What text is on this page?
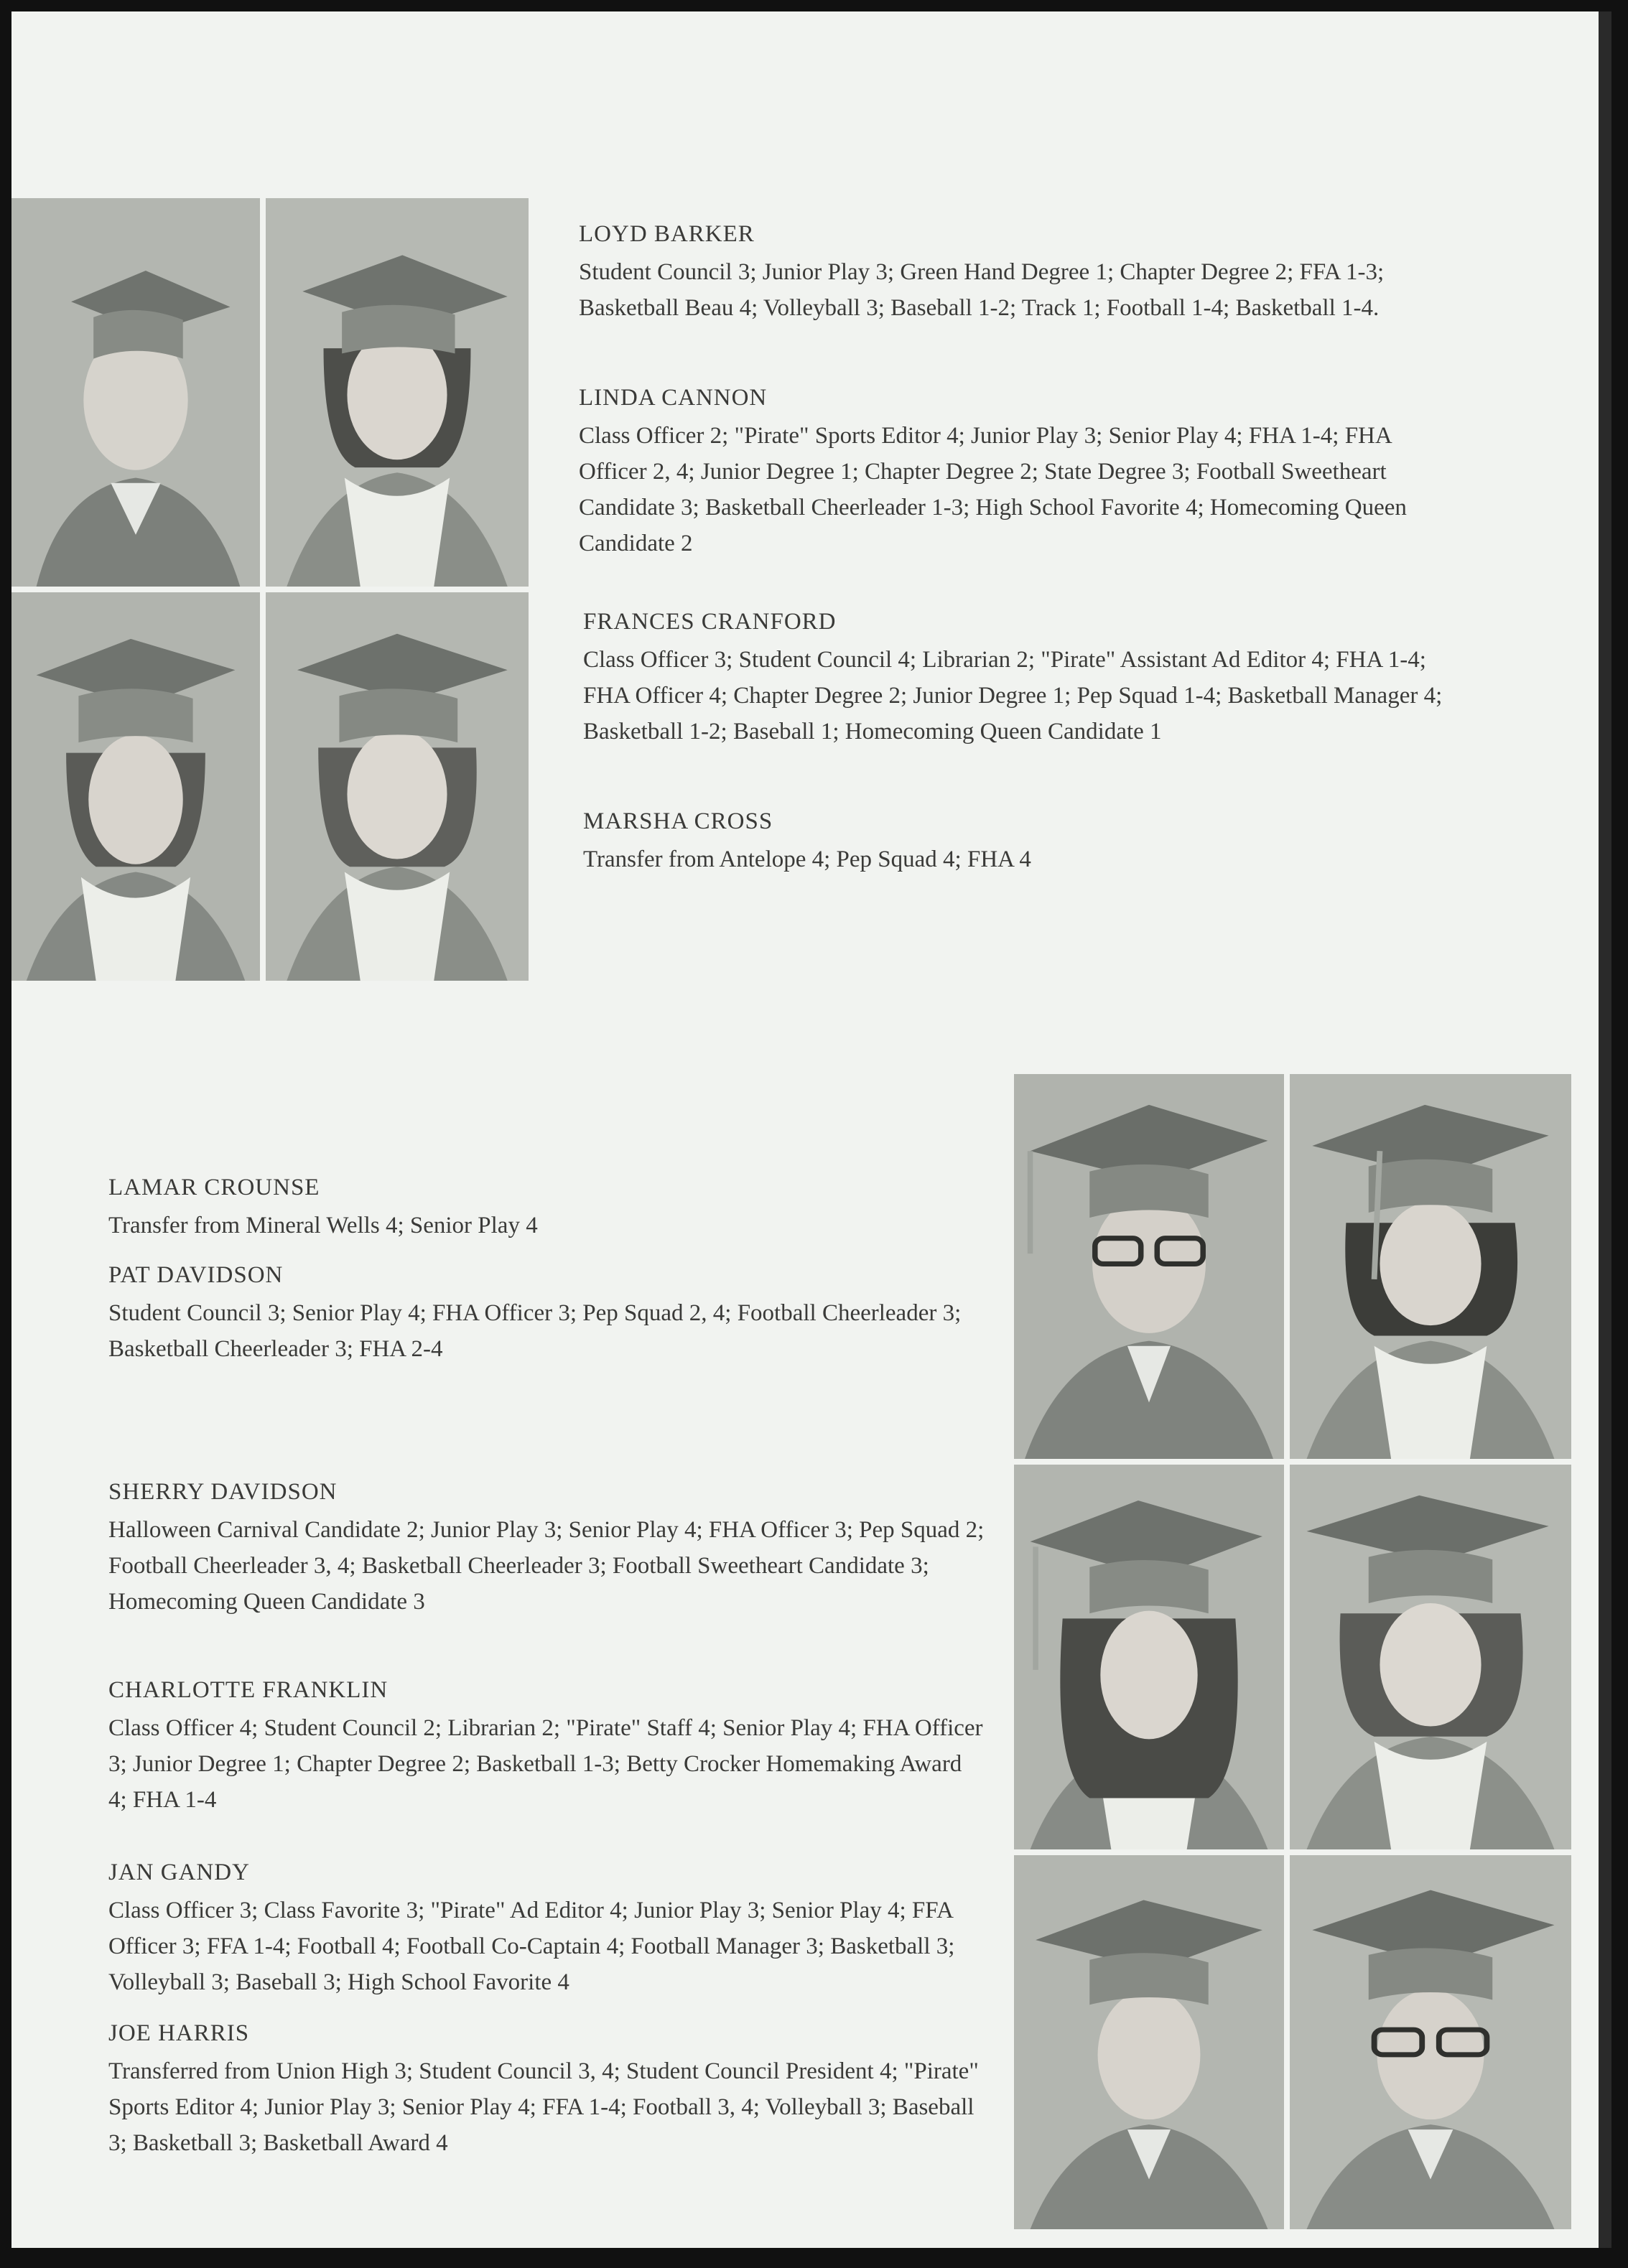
LOYD BARKER

Student Council 3; Junior Play 3; Green Hand Degree 1; Chapter Degree 2; FFA 1-3; Basketball Beau 4; Volleyball 3; Baseball 1-2; Track 1; Football 1-4; Basketball 1-4.

LINDA CANNON

Class Officer 2; "Pirate" Sports Editor 4; Junior Play 3; Senior Play 4; FHA 1-4; FHA Officer 2, 4; Junior Degree 1; Chapter Degree 2; State Degree 3; Football Sweetheart Candidate 3; Basketball Cheerleader 1-3; High School Favorite 4; Homecoming Queen Candidate 2

FRANCES CRANFORD

Class Officer 3; Student Council 4; Librarian 2; "Pirate" Assistant Ad Editor 4; FHA 1-4; FHA Officer 4; Chapter Degree 2; Junior Degree 1; Pep Squad 1-4; Basketball Manager 4; Basketball 1-2; Baseball 1; Homecoming Queen Candidate 1

MARSHA CROSS

Transfer from Antelope 4; Pep Squad 4; FHA 4

LAMAR CROUNSE

Transfer from Mineral Wells 4; Senior Play 4

PAT DAVIDSON

Student Council 3; Senior Play 4; FHA Officer 3; Pep Squad 2, 4; Football Cheerleader 3; Basketball Cheerleader 3; FHA 2-4

SHERRY DAVIDSON

Halloween Carnival Candidate 2; Junior Play 3; Senior Play 4; FHA Officer 3; Pep Squad 2; Football Cheerleader 3, 4; Basketball Cheerleader 3; Football Sweetheart Candidate 3; Homecoming Queen Candidate 3

CHARLOTTE FRANKLIN

Class Officer 4; Student Council 2; Librarian 2; "Pirate" Staff 4; Senior Play 4; FHA Officer 3; Junior Degree 1; Chapter Degree 2; Basketball 1-3; Betty Crocker Homemaking Award 4; FHA 1-4

JAN GANDY

Class Officer 3; Class Favorite 3; "Pirate" Ad Editor 4; Junior Play 3; Senior Play 4; FFA Officer 3; FFA 1-4; Football 4; Football Co-Captain 4; Football Manager 3; Basketball 3; Volleyball 3; Baseball 3; High School Favorite 4

JOE HARRIS

Transferred from Union High 3; Student Council 3, 4; Student Council President 4; "Pirate" Sports Editor 4; Junior Play 3; Senior Play 4; FFA 1-4; Football 3, 4; Volleyball 3; Baseball 3; Basketball 3; Basketball Award 4
